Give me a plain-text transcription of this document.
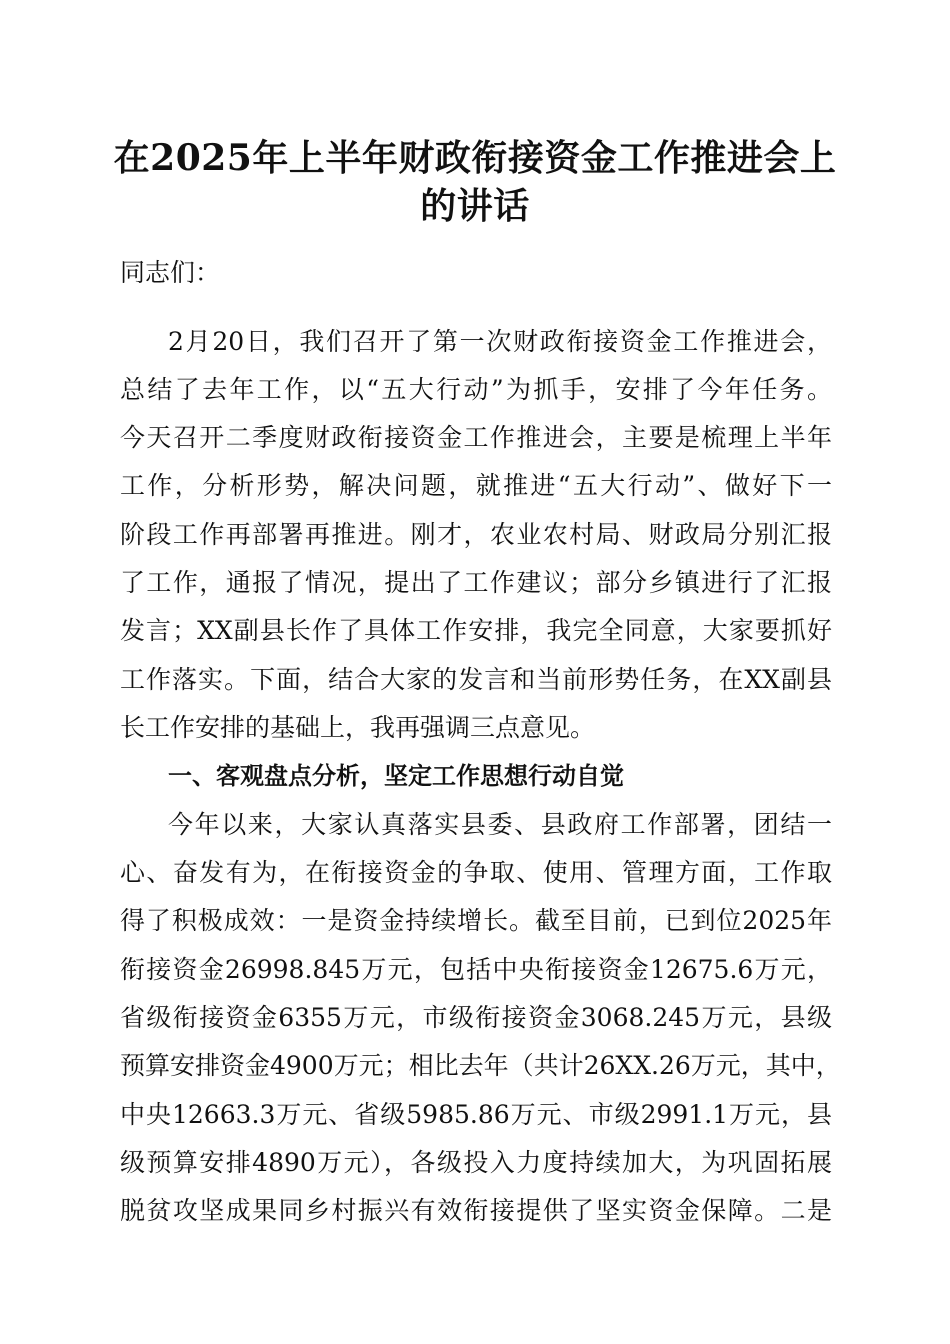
在2025年上半年财政衔接资金工作推进会上
的讲话
同志们：
2月20日，我们召开了第一次财政衔接资金工作推进会，
总结了去年工作，以“五大行动”为抓手，安排了今年任务。
今天召开二季度财政衔接资金工作推进会，主要是梳理上半年
工作，分析形势，解决问题，就推进“五大行动”、做好下一
阶段工作再部署再推进。刚才，农业农村局、财政局分别汇报
了工作，通报了情况，提出了工作建议；部分乡镇进行了汇报
发言；XX副县长作了具体工作安排，我完全同意，大家要抓好
工作落实。下面，结合大家的发言和当前形势任务，在XX副县
长工作安排的基础上，我再强调三点意见。
一、客观盘点分析，坚定工作思想行动自觉
今年以来，大家认真落实县委、县政府工作部署，团结一
心、奋发有为，在衔接资金的争取、使用、管理方面，工作取
得了积极成效：一是资金持续增长。截至目前，已到位2025年
衔接资金26998.845万元，包括中央衔接资金12675.6万元，
省级衔接资金6355万元，市级衔接资金3068.245万元，县级
预算安排资金4900万元；相比去年（共计26XX.26万元，其中，
中央12663.3万元、省级5985.86万元、市级2991.1万元，县
级预算安排4890万元），各级投入力度持续加大，为巩固拓展
脱贫攻坚成果同乡村振兴有效衔接提供了坚实资金保障。二是
